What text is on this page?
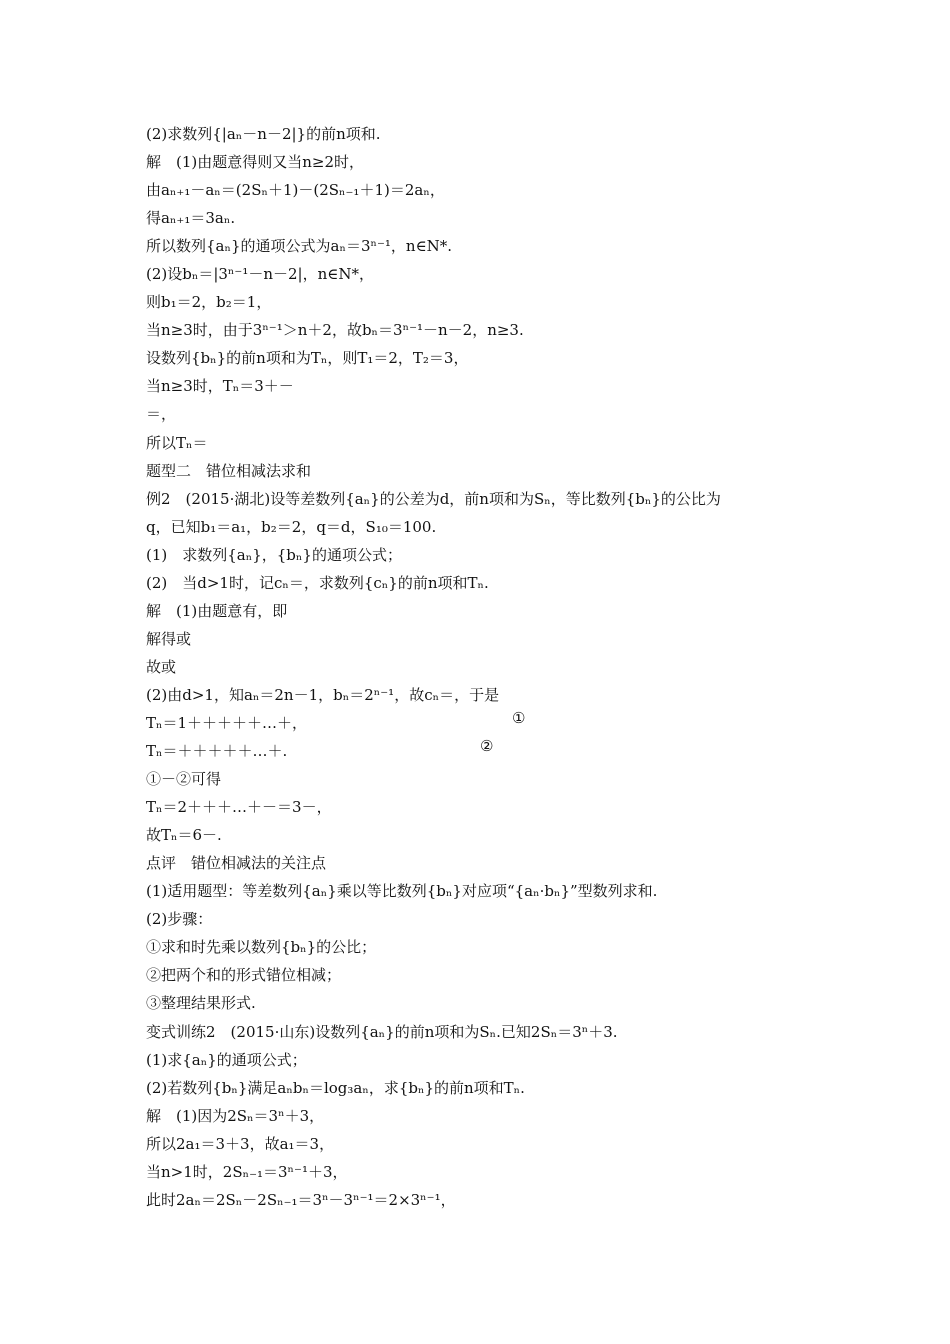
(2)求数列{|aₙ－n－2|}的前n项和.
解　(1)由题意得则又当n≥2时，
由aₙ₊₁－aₙ＝(2Sₙ＋1)－(2Sₙ₋₁＋1)＝2aₙ，
得aₙ₊₁＝3aₙ.
所以数列{aₙ}的通项公式为aₙ＝3ⁿ⁻¹，n∈N*.
(2)设bₙ＝|3ⁿ⁻¹－n－2|，n∈N*，
则b₁＝2，b₂＝1，
当n≥3时，由于3ⁿ⁻¹＞n＋2，故bₙ＝3ⁿ⁻¹－n－2，n≥3.
设数列{bₙ}的前n项和为Tₙ，则T₁＝2，T₂＝3，
当n≥3时，Tₙ＝3＋－
＝，
所以Tₙ＝
题型二　错位相减法求和
例2　(2015·湖北)设等差数列{aₙ}的公差为d，前n项和为Sₙ，等比数列{bₙ}的公比为
q，已知b₁＝a₁，b₂＝2，q＝d，S₁₀＝100.
(1)　求数列{aₙ}，{bₙ}的通项公式；
(2)　当d>1时，记cₙ＝，求数列{cₙ}的前n项和Tₙ.
解　(1)由题意有，即
解得或
故或
(2)由d>1，知aₙ＝2n－1，bₙ＝2ⁿ⁻¹，故cₙ＝，于是
Tₙ＝1＋＋＋＋＋…＋，	①
Tₙ＝＋＋＋＋＋…＋.	②
①－②可得
Tₙ＝2＋＋＋…＋－＝3－，
故Tₙ＝6－.
点评　错位相减法的关注点
(1)适用题型：等差数列{aₙ}乘以等比数列{bₙ}对应项“{aₙ·bₙ}”型数列求和.
(2)步骤：
①求和时先乘以数列{bₙ}的公比；
②把两个和的形式错位相减；
③整理结果形式.
变式训练2　(2015·山东)设数列{aₙ}的前n项和为Sₙ.已知2Sₙ＝3ⁿ＋3.
(1)求{aₙ}的通项公式；
(2)若数列{bₙ}满足aₙbₙ＝log₃aₙ，求{bₙ}的前n项和Tₙ.
解　(1)因为2Sₙ＝3ⁿ＋3，
所以2a₁＝3＋3，故a₁＝3，
当n>1时，2Sₙ₋₁＝3ⁿ⁻¹＋3，
此时2aₙ＝2Sₙ－2Sₙ₋₁＝3ⁿ－3ⁿ⁻¹＝2×3ⁿ⁻¹，
